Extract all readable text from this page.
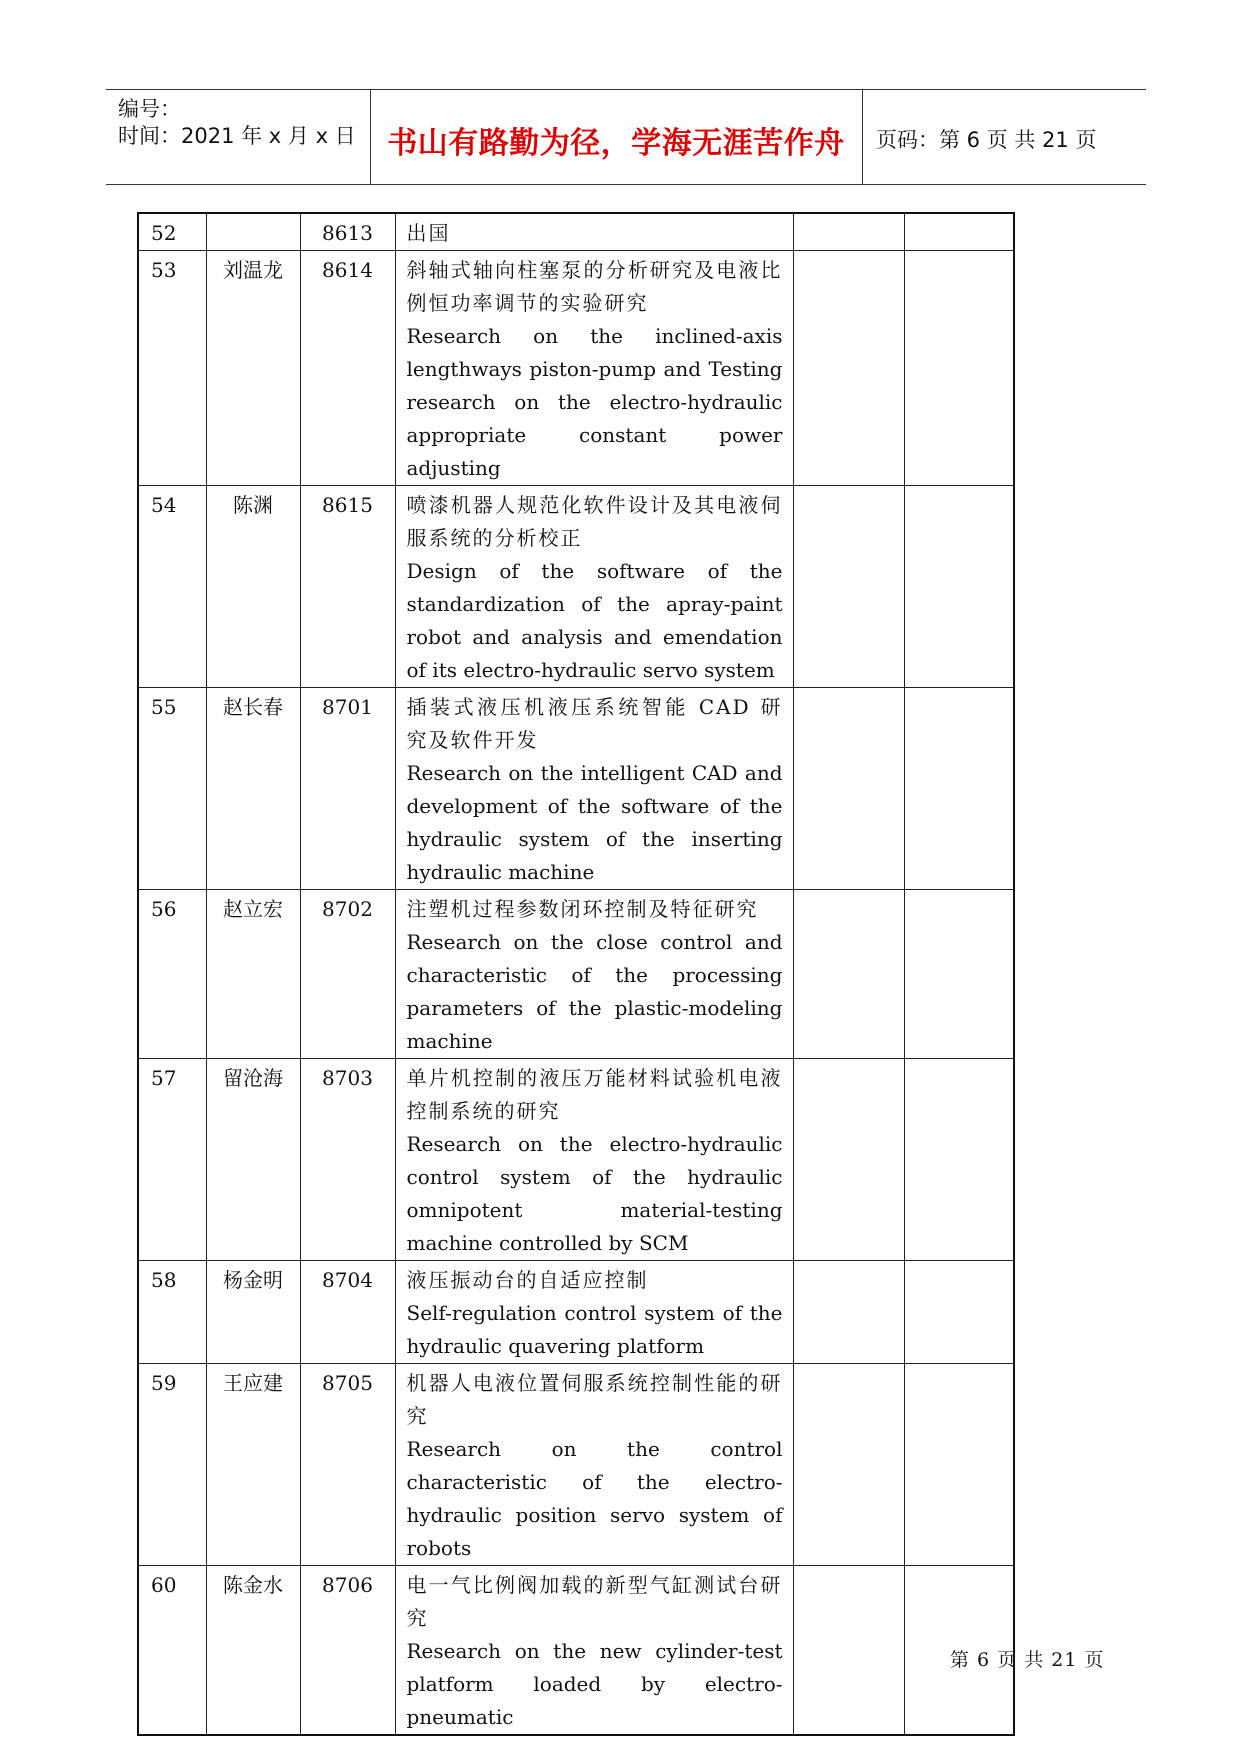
编号：
时间：2021 年 x 月 x 日	书山有路勤为径，学海无涯苦作舟	页码：第 6 页 共 21 页
52		8613	出国		

53	刘温龙	8614	斜轴式轴向柱塞泵的分析研究及电液比例恒功率调节的实验研究
Research on the inclined-axis lengthways piston-pump and Testing research on the electro-hydraulic appropriate constant power adjusting		

54	陈渊	8615	喷漆机器人规范化软件设计及其电液伺服系统的分析校正
Design of the software of the standardization of the apray-paint robot and analysis and emendation of its electro-hydraulic servo system		

55	赵长春	8701	插装式液压机液压系统智能 CAD 研究及软件开发
Research on the intelligent CAD and development of the software of the hydraulic system of the inserting hydraulic machine		

56	赵立宏	8702	注塑机过程参数闭环控制及特征研究
Research on the close control and characteristic of the processing parameters of the plastic-modeling machine		

57	留沧海	8703	单片机控制的液压万能材料试验机电液控制系统的研究
Research on the electro-hydraulic control system of the hydraulic omnipotent material-testing machine controlled by SCM		

58	杨金明	8704	液压振动台的自适应控制
Self-regulation control system of the hydraulic quavering platform		

59	王应建	8705	机器人电液位置伺服系统控制性能的研究
Research on the control characteristic of the electro-hydraulic position servo system of robots		

60	陈金水	8706	电一气比例阀加载的新型气缸测试台研究
Research on the new cylinder-test platform loaded by electro-pneumatic		

第 6 页 共 21 页
